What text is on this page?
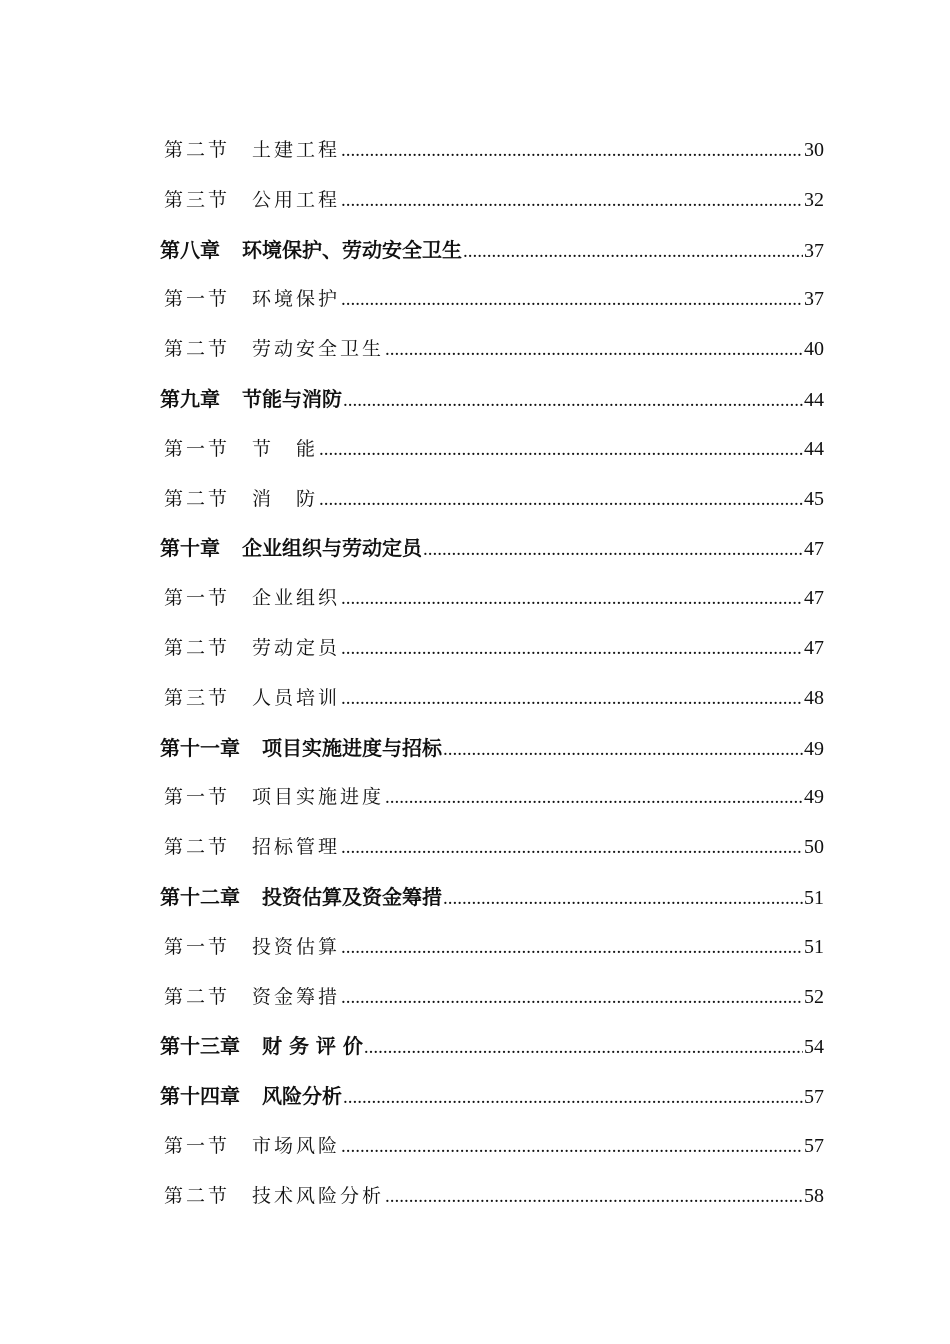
第二节	土建工程 .....	30
第三节	公用工程 .....	32
第八章	环境保护、劳动安全卫生 .....	37
第一节	环境保护 .....	37
第二节	劳动安全卫生 .....	40
第九章	节能与消防 .....	44
第一节	节　能 .....	44
第二节	消　防 .....	45
第十章	企业组织与劳动定员 .....	47
第一节	企业组织 .....	47
第二节	劳动定员 .....	47
第三节	人员培训 .....	48
第十一章	项目实施进度与招标 .....	49
第一节	项目实施进度 .....	49
第二节	招标管理 .....	50
第十二章	投资估算及资金筹措 .....	51
第一节	投资估算 .....	51
第二节	资金筹措 .....	52
第十三章	财 务 评 价 .....	54
第十四章	风险分析 .....	57
第一节	市场风险 .....	57
第二节	技术风险分析 .....	58
